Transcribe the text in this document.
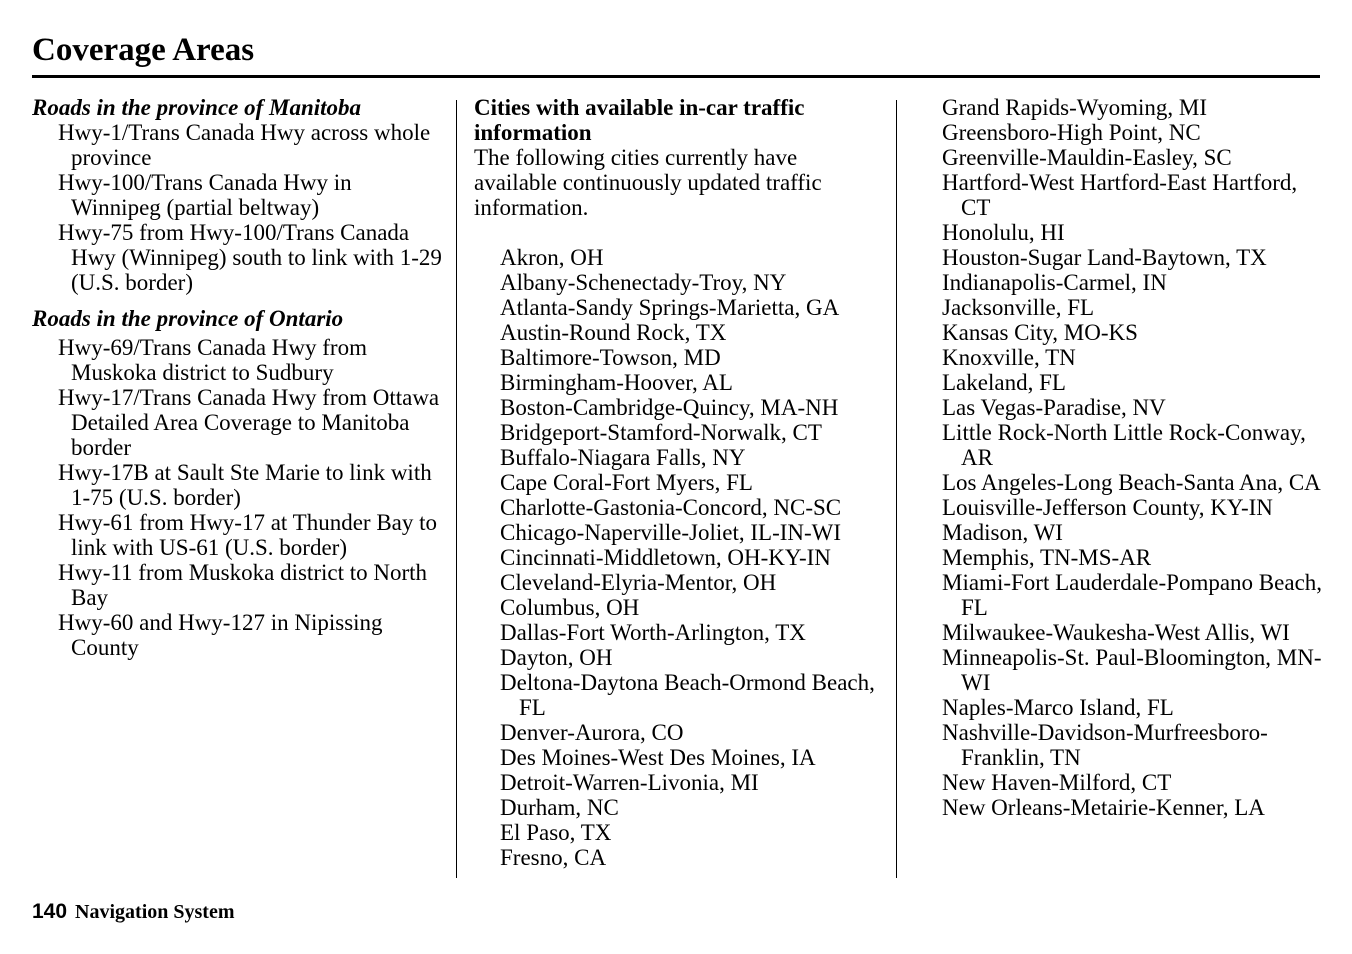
Coverage Areas

Roads in the province of Manitoba

Hwy-1/Trans Canada Hwy across whole province
Hwy-100/Trans Canada Hwy in Winnipeg (partial beltway)
Hwy-75 from Hwy-100/Trans Canada Hwy (Winnipeg) south to link with 1-29 (U.S. border)

Roads in the province of Ontario

Hwy-69/Trans Canada Hwy from Muskoka district to Sudbury
Hwy-17/Trans Canada Hwy from Ottawa Detailed Area Coverage to Manitoba border
Hwy-17B at Sault Ste Marie to link with 1-75 (U.S. border)
Hwy-61 from Hwy-17 at Thunder Bay to link with US-61 (U.S. border)
Hwy-11 from Muskoka district to North Bay
Hwy-60 and Hwy-127 in Nipissing County

Cities with available in-car traffic information

The following cities currently have available continuously updated traffic information.

Akron, OH
Albany-Schenectady-Troy, NY
Atlanta-Sandy Springs-Marietta, GA
Austin-Round Rock, TX
Baltimore-Towson, MD
Birmingham-Hoover, AL
Boston-Cambridge-Quincy, MA-NH
Bridgeport-Stamford-Norwalk, CT
Buffalo-Niagara Falls, NY
Cape Coral-Fort Myers, FL
Charlotte-Gastonia-Concord, NC-SC
Chicago-Naperville-Joliet, IL-IN-WI
Cincinnati-Middletown, OH-KY-IN
Cleveland-Elyria-Mentor, OH
Columbus, OH
Dallas-Fort Worth-Arlington, TX
Dayton, OH
Deltona-Daytona Beach-Ormond Beach, FL
Denver-Aurora, CO
Des Moines-West Des Moines, IA
Detroit-Warren-Livonia, MI
Durham, NC
El Paso, TX
Fresno, CA
Grand Rapids-Wyoming, MI
Greensboro-High Point, NC
Greenville-Mauldin-Easley, SC
Hartford-West Hartford-East Hartford, CT
Honolulu, HI
Houston-Sugar Land-Baytown, TX
Indianapolis-Carmel, IN
Jacksonville, FL
Kansas City, MO-KS
Knoxville, TN
Lakeland, FL
Las Vegas-Paradise, NV
Little Rock-North Little Rock-Conway, AR
Los Angeles-Long Beach-Santa Ana, CA
Louisville-Jefferson County, KY-IN
Madison, WI
Memphis, TN-MS-AR
Miami-Fort Lauderdale-Pompano Beach, FL
Milwaukee-Waukesha-West Allis, WI
Minneapolis-St. Paul-Bloomington, MN-WI
Naples-Marco Island, FL
Nashville-Davidson-Murfreesboro-Franklin, TN
New Haven-Milford, CT
New Orleans-Metairie-Kenner, LA
140 Navigation System
